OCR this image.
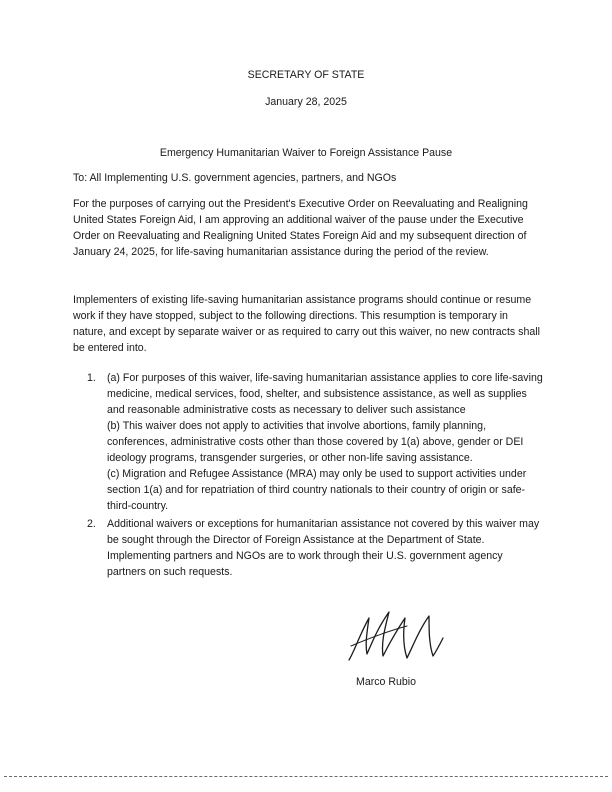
SECRETARY OF STATE
January 28, 2025
Emergency Humanitarian Waiver to Foreign Assistance Pause
To: All Implementing U.S. government agencies, partners, and NGOs
For the purposes of carrying out the President's Executive Order on Reevaluating and Realigning United States Foreign Aid, I am approving an additional waiver of the pause under the Executive Order on Reevaluating and Realigning United States Foreign Aid and my subsequent direction of January 24, 2025, for life-saving humanitarian assistance during the period of the review.
Implementers of existing life-saving humanitarian assistance programs should continue or resume work if they have stopped, subject to the following directions. This resumption is temporary in nature, and except by separate waiver or as required to carry out this waiver, no new contracts shall be entered into.
1. (a) For purposes of this waiver, life-saving humanitarian assistance applies to core life-saving medicine, medical services, food, shelter, and subsistence assistance, as well as supplies and reasonable administrative costs as necessary to deliver such assistance
(b) This waiver does not apply to activities that involve abortions, family planning, conferences, administrative costs other than those covered by 1(a) above, gender or DEI ideology programs, transgender surgeries, or other non-life saving assistance.
(c) Migration and Refugee Assistance (MRA) may only be used to support activities under section 1(a) and for repatriation of third country nationals to their country of origin or safe-third-country.
2. Additional waivers or exceptions for humanitarian assistance not covered by this waiver may be sought through the Director of Foreign Assistance at the Department of State. Implementing partners and NGOs are to work through their U.S. government agency partners on such requests.
Marco Rubio
